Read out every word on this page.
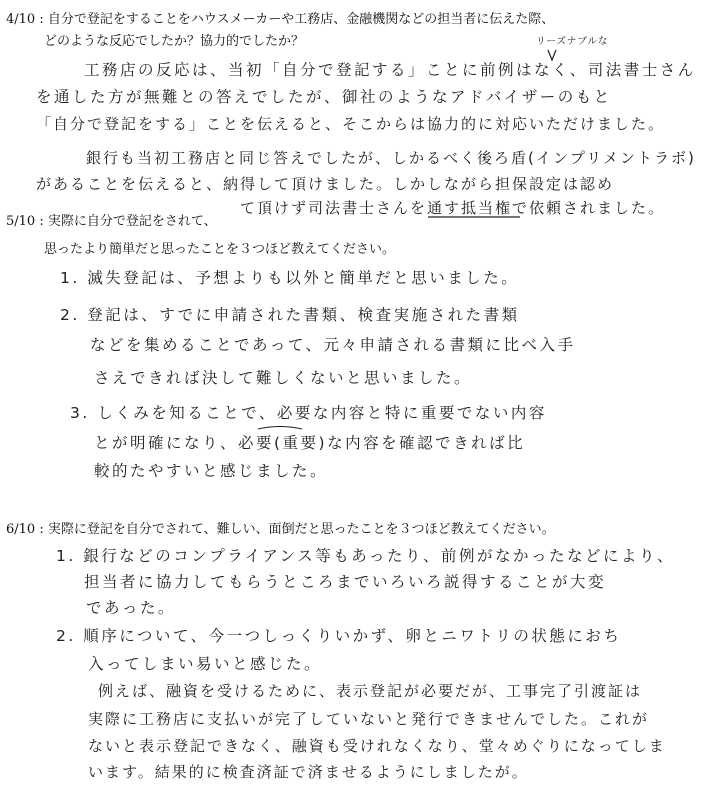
4/10 : 自分で登記をすることをハウスメーカーや工務店、金融機関などの担当者に伝えた際、
どのような反応でしたか？協力的でしたか？	リーズナブルな
工務店の反応は、当初「自分で登記する」ことに前例はなく、司法書士さん
を通した方が無難との答えでしたが、御社のようなアドバイザーのもと
「自分で登記をする」ことを伝えると、そこからは協力的に対応いただけました。
銀行も当初工務店と同じ答えでしたが、しかるべく後ろ盾(インプリメントラボ)
があることを伝えると、納得して頂けました。しかしながら担保設定は認め
て頂けず司法書士さんを通す抵当権で依頼されました。
5/10 : 実際に自分で登記をされて、
思ったより簡単だと思ったことを３つほど教えてください。
1. 滅失登記は、予想よりも以外と簡単だと思いました。
2. 登記は、すでに申請された書類、検査実施された書類
などを集めることであって、元々申請される書類に比べ入手
さえできれば決して難しくないと思いました。
3. しくみを知ることで、必要な内容と特に重要でない内容
とが明確になり、必要(重要)な内容を確認できれば比
較的たやすいと感じました。
6/10 : 実際に登記を自分でされて、難しい、面倒だと思ったことを３つほど教えてください。
1. 銀行などのコンプライアンス等もあったり、前例がなかったなどにより、
担当者に協力してもらうところまでいろいろ説得することが大変
であった。
2. 順序について、今一つしっくりいかず、卵とニワトリの状態におち
入ってしまい易いと感じた。
例えば、融資を受けるために、表示登記が必要だが、工事完了引渡証は
実際に工務店に支払いが完了していないと発行できませんでした。これが
ないと表示登記できなく、融資も受けれなくなり、堂々めぐりになってしま
います。結果的に検査済証で済ませるようにしましたが。
